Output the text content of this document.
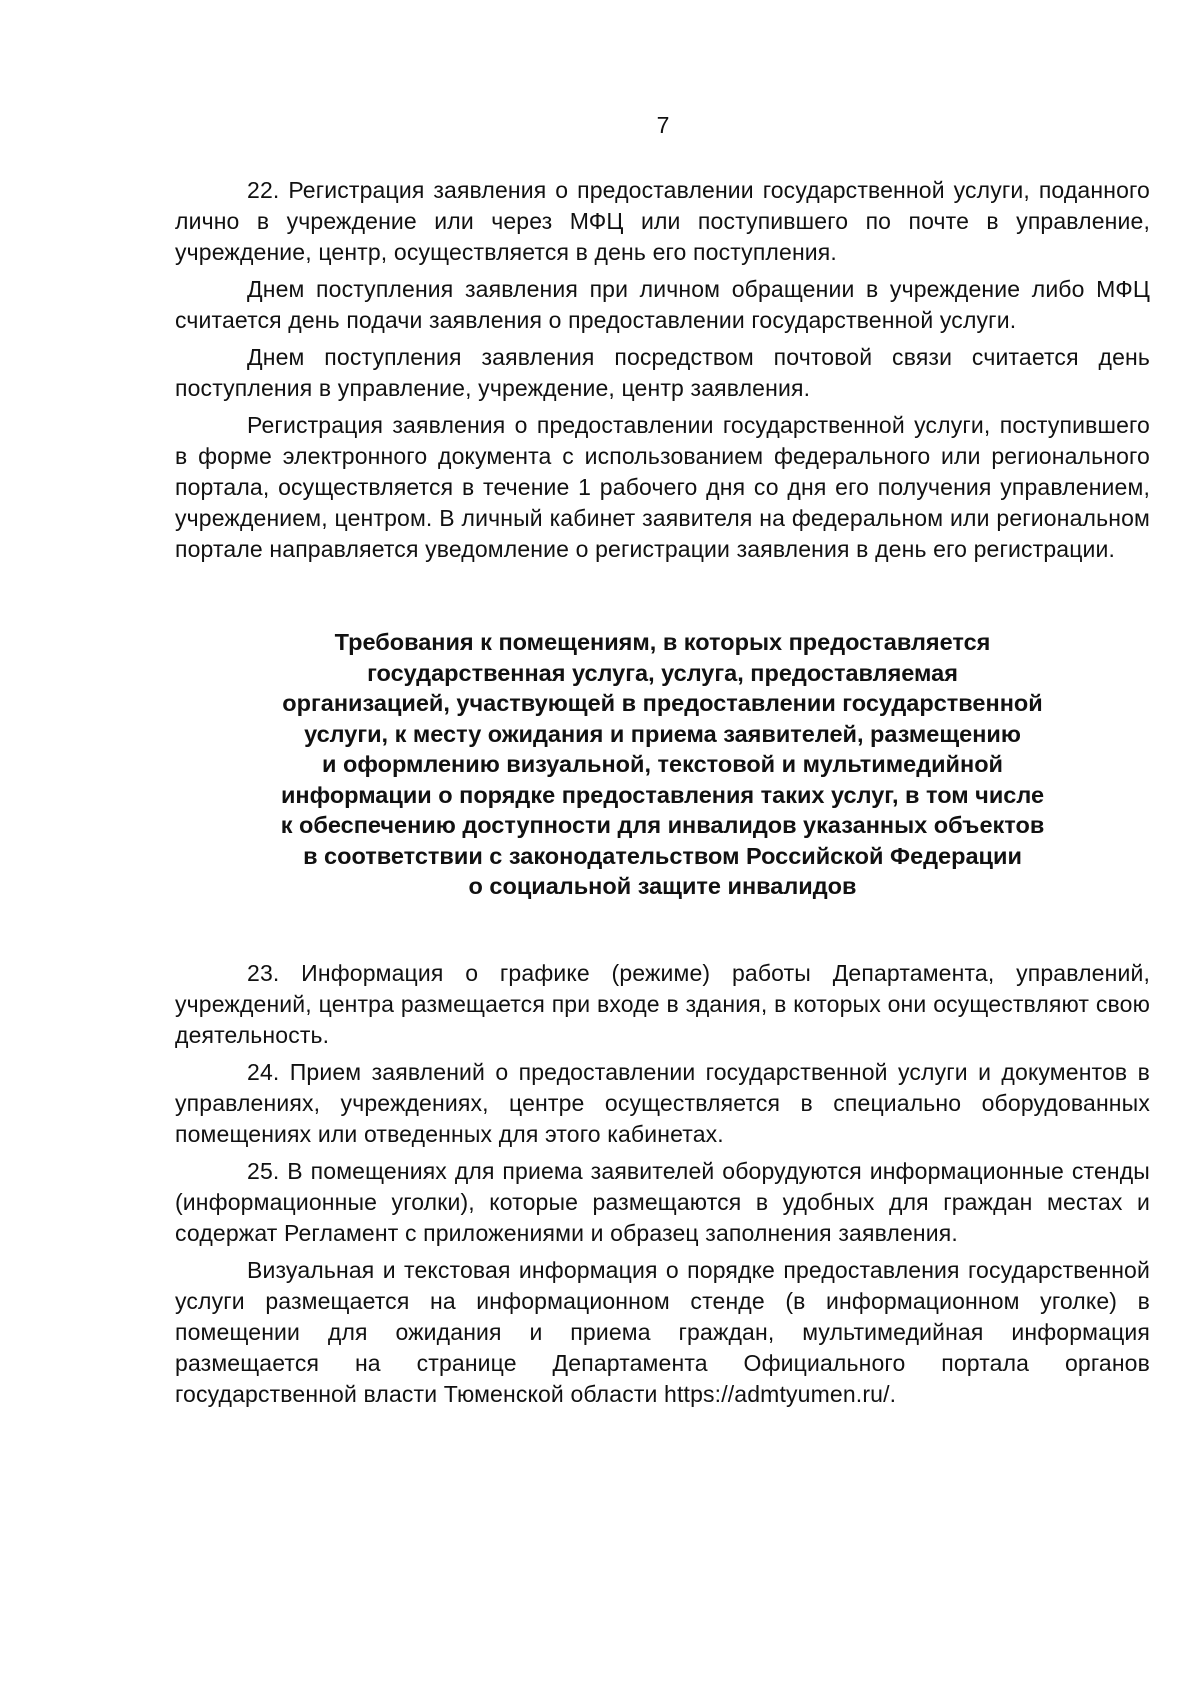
7

22. Регистрация заявления о предоставлении государственной услуги, поданного лично в учреждение или через МФЦ или поступившего по почте в управление, учреждение, центр, осуществляется в день его поступления.

Днем поступления заявления при личном обращении в учреждение либо МФЦ считается день подачи заявления о предоставлении государственной услуги.

Днем поступления заявления посредством почтовой связи считается день поступления в управление, учреждение, центр заявления.

Регистрация заявления о предоставлении государственной услуги, поступившего в форме электронного документа с использованием федерального или регионального портала, осуществляется в течение 1 рабочего дня со дня его получения управлением, учреждением, центром. В личный кабинет заявителя на федеральном или региональном портале направляется уведомление о регистрации заявления в день его регистрации.

Требования к помещениям, в которых предоставляется
государственная услуга, услуга, предоставляемая
организацией, участвующей в предоставлении государственной
услуги, к месту ожидания и приема заявителей, размещению
и оформлению визуальной, текстовой и мультимедийной
информации о порядке предоставления таких услуг, в том числе
к обеспечению доступности для инвалидов указанных объектов
в соответствии с законодательством Российской Федерации
о социальной защите инвалидов

23. Информация о графике (режиме) работы Департамента, управлений, учреждений, центра размещается при входе в здания, в которых они осуществляют свою деятельность.

24. Прием заявлений о предоставлении государственной услуги и документов в управлениях, учреждениях, центре осуществляется в специально оборудованных помещениях или отведенных для этого кабинетах.

25. В помещениях для приема заявителей оборудуются информационные стенды (информационные уголки), которые размещаются в удобных для граждан местах и содержат Регламент с приложениями и образец заполнения заявления.

Визуальная и текстовая информация о порядке предоставления государственной услуги размещается на информационном стенде (в информационном уголке) в помещении для ожидания и приема граждан, мультимедийная информация размещается на странице Департамента Официального портала органов государственной власти Тюменской области https://admtyumen.ru/.
